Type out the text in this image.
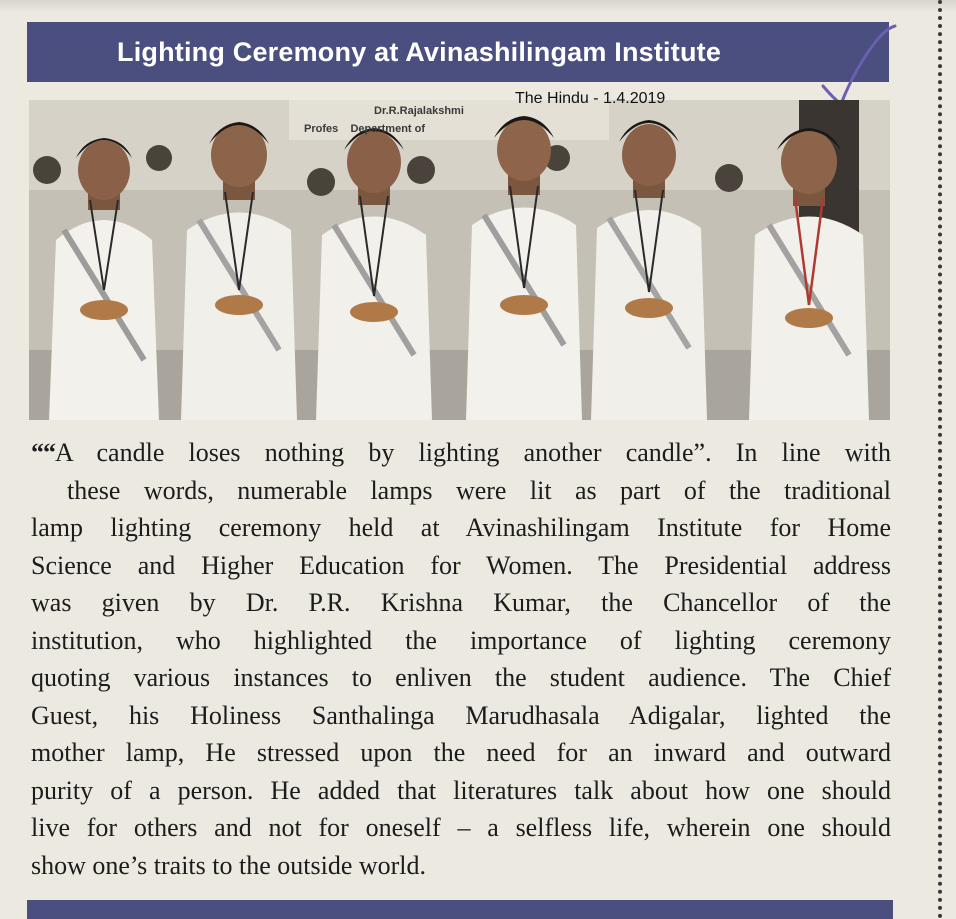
Lighting Ceremony at Avinashilingam Institute
Dr.R.Rajalakshmi
Profes    Department of
The Hindu - 1.4.2019
““A candle loses nothing by lighting another candle”. In line with
these words, numerable lamps were lit as part of the traditional
lamp lighting ceremony held at Avinashilingam Institute for Home
Science and Higher Education for Women. The Presidential address
was given by Dr. P.R. Krishna Kumar, the Chancellor of the
institution, who highlighted the importance of lighting ceremony
quoting various instances to enliven the student audience. The Chief
Guest, his Holiness Santhalinga Marudhasala Adigalar, lighted the
mother lamp, He stressed upon the need for an inward and outward
purity of a person. He added that literatures talk about how one should
live for others and not for oneself – a selfless life, wherein one should
show one’s traits to the outside world.
